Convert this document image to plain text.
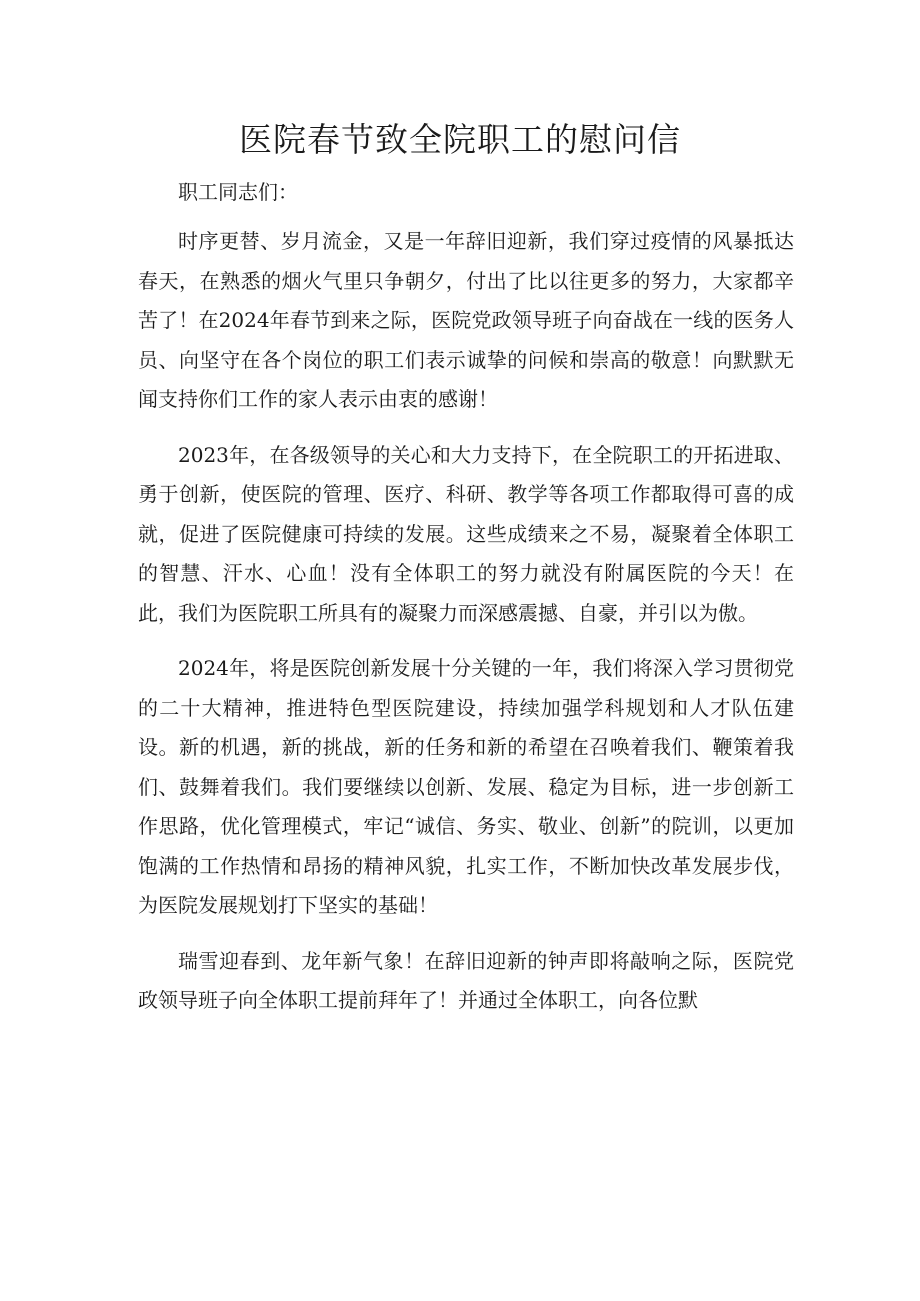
医院春节致全院职工的慰问信

职工同志们：

时序更替、岁月流金，又是一年辞旧迎新，我们穿过疫情的风暴抵达春天，在熟悉的烟火气里只争朝夕，付出了比以往更多的努力，大家都辛苦了！在2024年春节到来之际，医院党政领导班子向奋战在一线的医务人员、向坚守在各个岗位的职工们表示诚挚的问候和崇高的敬意！向默默无闻支持你们工作的家人表示由衷的感谢！

2023年，在各级领导的关心和大力支持下，在全院职工的开拓进取、勇于创新，使医院的管理、医疗、科研、教学等各项工作都取得可喜的成就，促进了医院健康可持续的发展。这些成绩来之不易，凝聚着全体职工的智慧、汗水、心血！没有全体职工的努力就没有附属医院的今天！在此，我们为医院职工所具有的凝聚力而深感震撼、自豪，并引以为傲。

2024年，将是医院创新发展十分关键的一年，我们将深入学习贯彻党的二十大精神，推进特色型医院建设，持续加强学科规划和人才队伍建设。新的机遇，新的挑战，新的任务和新的希望在召唤着我们、鞭策着我们、鼓舞着我们。我们要继续以创新、发展、稳定为目标，进一步创新工作思路，优化管理模式，牢记“诚信、务实、敬业、创新”的院训，以更加饱满的工作热情和昂扬的精神风貌，扎实工作，不断加快改革发展步伐，为医院发展规划打下坚实的基础！

瑞雪迎春到、龙年新气象！在辞旧迎新的钟声即将敲响之际，医院党政领导班子向全体职工提前拜年了！并通过全体职工，向各位默
